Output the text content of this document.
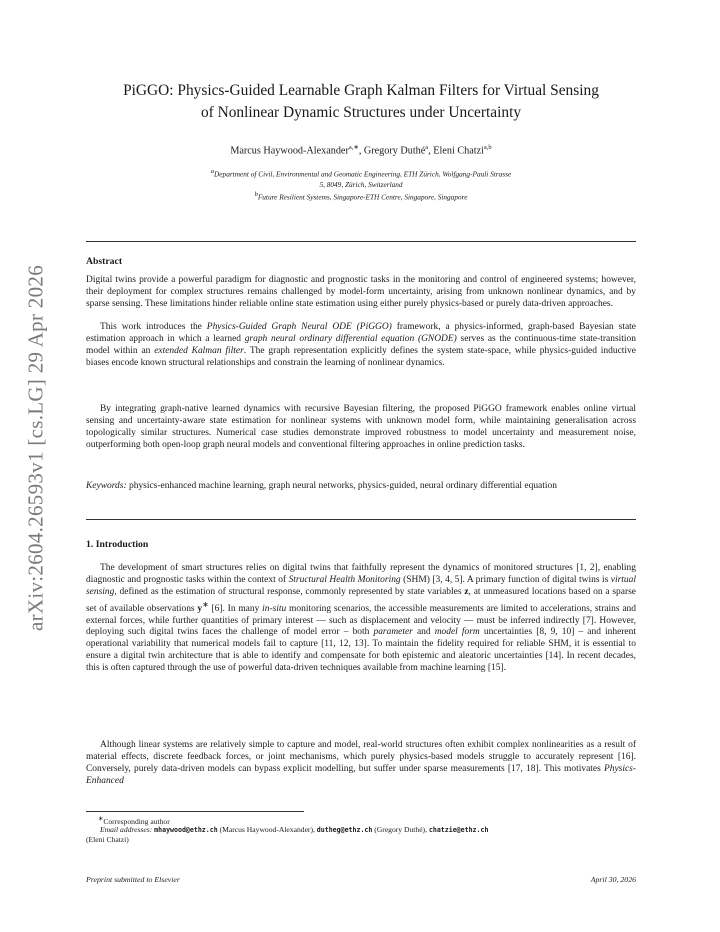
arXiv:2604.26593v1 [cs.LG] 29 Apr 2026
PiGGO: Physics-Guided Learnable Graph Kalman Filters for Virtual Sensing
of Nonlinear Dynamic Structures under Uncertainty
Marcus Haywood-Alexander$^{a,∗}$, Gregory Duthé$^a$, Eleni Chatzi$^{a,b}$
$^a$Department of Civil, Environmental and Geomatic Engineering, ETH Zürich, Wolfgang-Pauli Strasse
5, 8049, Zürich, Switzerland
$^b$Future Resilient Systems, Singapore-ETH Centre, Singapore, Singapore
Abstract

Digital twins provide a powerful paradigm for diagnostic and prognostic tasks in the monitoring and control of engineered systems; however, their deployment for complex structures remains challenged by model-form uncertainty, arising from unknown nonlinear dynamics, and by sparse sensing. These limitations hinder reliable online state estimation using either purely physics-based or purely data-driven approaches.

This work introduces the Physics-Guided Graph Neural ODE (PiGGO) framework, a physics-informed, graph-based Bayesian state estimation approach in which a learned graph neural ordinary differential equation (GNODE) serves as the continuous-time state-transition model within an extended Kalman filter. The graph representation explicitly defines the system state-space, while physics-guided inductive biases encode known structural relationships and constrain the learning of nonlinear dynamics.

By integrating graph-native learned dynamics with recursive Bayesian filtering, the proposed PiGGO framework enables online virtual sensing and uncertainty-aware state estimation for nonlinear systems with unknown model form, while maintaining generalisation across topologically similar structures. Numerical case studies demonstrate improved robustness to model uncertainty and measurement noise, outperforming both open-loop graph neural models and conventional filtering approaches in online prediction tasks.

Keywords: physics-enhanced machine learning, graph neural networks, physics-guided, neural ordinary differential equation

1. Introduction

The development of smart structures relies on digital twins that faithfully represent the dynamics of monitored structures [1, 2], enabling diagnostic and prognostic tasks within the context of Structural Health Monitoring (SHM) [3, 4, 5]. A primary function of digital twins is virtual sensing, defined as the estimation of structural response, commonly represented by state variables z, at unmeasured locations based on a sparse set of available observations y∗ [6]. In many in-situ monitoring scenarios, the accessible measurements are limited to accelerations, strains and external forces, while further quantities of primary interest — such as displacement and velocity — must be inferred indirectly [7]. However, deploying such digital twins faces the challenge of model error – both parameter and model form uncertainties [8, 9, 10] – and inherent operational variability that numerical models fail to capture [11, 12, 13]. To maintain the fidelity required for reliable SHM, it is essential to ensure a digital twin architecture that is able to identify and compensate for both epistemic and aleatoric uncertainties [14]. In recent decades, this is often captured through the use of powerful data-driven techniques available from machine learning [15].

Although linear systems are relatively simple to capture and model, real-world structures often exhibit complex nonlinearities as a result of material effects, discrete feedback forces, or joint mechanisms, which purely physics-based models struggle to accurately represent [16]. Conversely, purely data-driven models can bypass explicit modelling, but suffer under sparse measurements [17, 18]. This motivates Physics-Enhanced

∗Corresponding author
Email addresses: mhaywood@ethz.ch (Marcus Haywood-Alexander), dutheg@ethz.ch (Gregory Duthé), chatzie@ethz.ch
(Eleni Chatzi)
Preprint submitted to Elsevier	April 30, 2026
